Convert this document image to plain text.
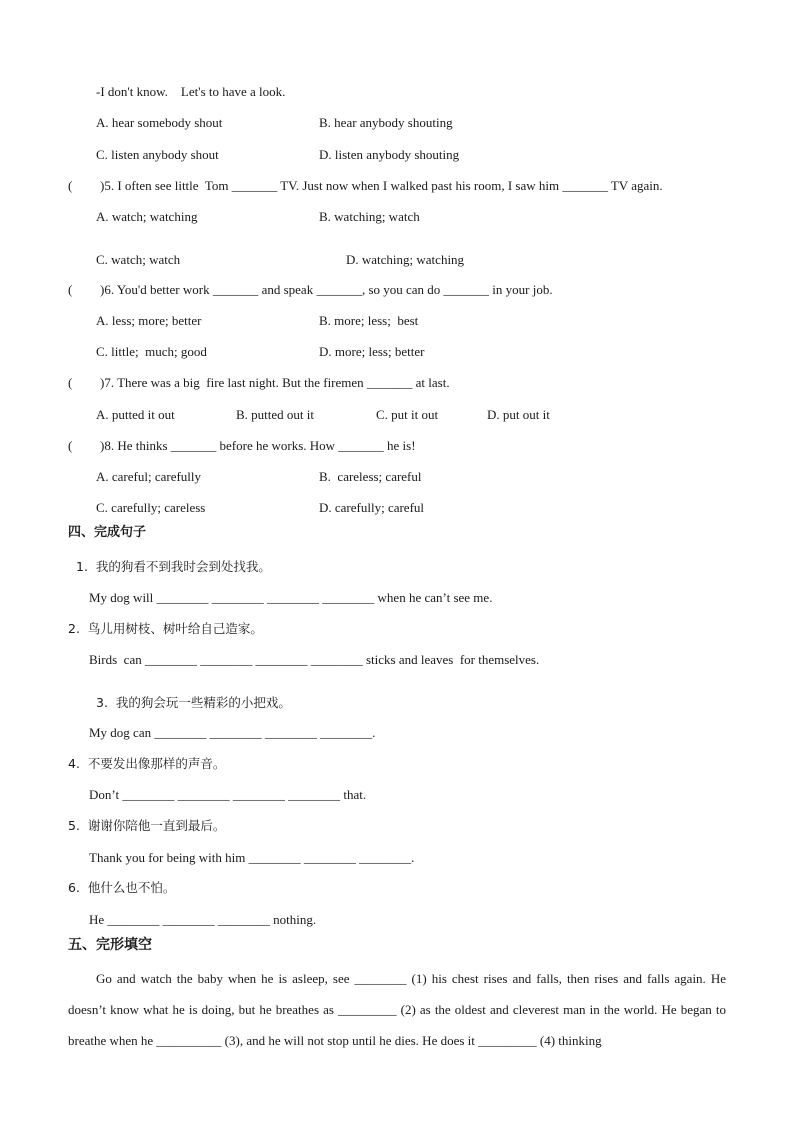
-I don't know.    Let's to have a look.
A. hear somebody shout	B. hear anybody shouting
C. listen anybody shout	D. listen anybody shouting
( )5. I often see little  Tom _______ TV. Just now when I walked past his room, I saw him _______ TV again.
A. watch; watching	B. watching; watch
C. watch; watch	D. watching; watching
( )6. You'd better work _______ and speak _______, so you can do _______ in your job.
A. less; more; better	B. more; less;  best
C. little;  much; good	D. more; less; better
( )7. There was a big  fire last night. But the firemen _______ at last.
A. putted it out	B. putted out it	C. put it out	D. put out it
( )8. He thinks _______ before he works. How _______ he is!
A. careful; carefully	B.  careless; careful
C. carefully; careless	D. carefully; careful
四、完成句子
1.  我的狗看不到我时会到处找我。
My dog will ________ ________ ________ ________ when he can’t see me.
2.  鸟儿用树枝、树叶给自己造家。
Birds  can ________ ________ ________ ________ sticks and leaves  for themselves.
3.  我的狗会玩一些精彩的小把戏。
My dog can ________ ________ ________ ________.
4.  不要发出像那样的声音。
Don’t ________ ________ ________ ________ that.
5.  谢谢你陪他一直到最后。
Thank you for being with him ________ ________ ________.
6.  他什么也不怕。
He ________ ________ ________ nothing.
五、完形填空
Go and watch the baby when he is asleep, see ________ (1) his chest rises and falls, then rises and falls again. He doesn’t know what he is doing, but he breathes as _________ (2) as the oldest and cleverest man in the world. He began to breathe when he __________ (3), and he will not stop until he dies. He does it _________ (4) thinking
